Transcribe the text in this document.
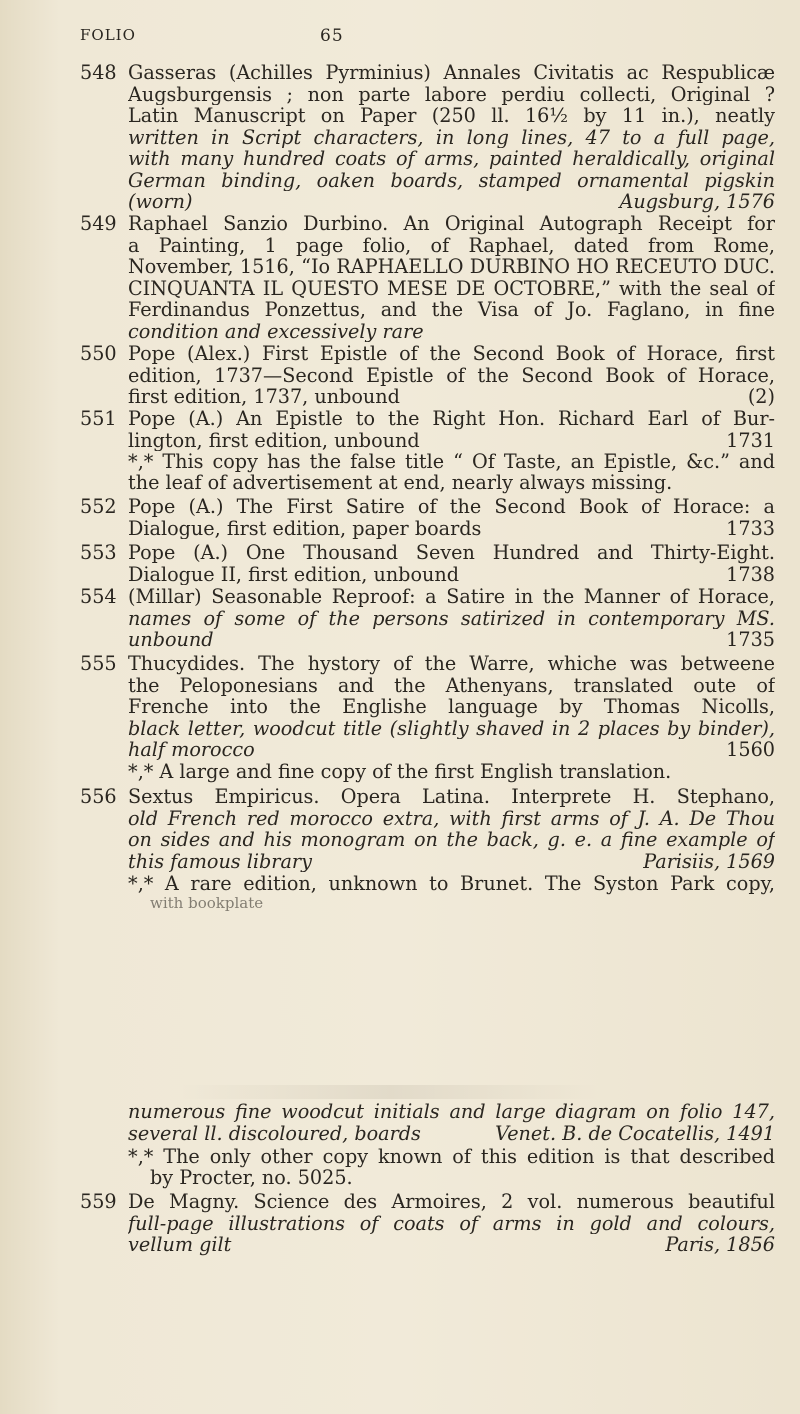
FOLIO	65
548 Gasseras (Achilles Pyrminius) Annales Civitatis ac Respublicæ
Augsburgensis ; non parte labore perdiu collecti, Original ?
Latin Manuscript on Paper (250 ll. 16½ by 11 in.), neatly
written in Script characters, in long lines, 47 to a full page,
with many hundred coats of arms, painted heraldically, original
German binding, oaken boards, stamped ornamental pigskin
(worn)	Augsburg, 1576
549 Raphael Sanzio Durbino. An Original Autograph Receipt for
a Painting, 1 page folio, of Raphael, dated from Rome,
November, 1516, “Io RAPHAELLO DURBINO HO RECEUTO DUC.
CINQUANTA IL QUESTO MESE DE OCTOBRE,” with the seal of
Ferdinandus Ponzettus, and the Visa of Jo. Faglano, in fine
condition and excessively rare
550 Pope (Alex.) First Epistle of the Second Book of Horace, first
edition, 1737—Second Epistle of the Second Book of Horace,
first edition, 1737, unbound	(2)
551 Pope (A.) An Epistle to the Right Hon. Richard Earl of Bur-
lington, first edition, unbound	1731
*‚* This copy has the false title “ Of Taste, an Epistle, &c.” and
the leaf of advertisement at end, nearly always missing.
552 Pope (A.) The First Satire of the Second Book of Horace: a
Dialogue, first edition, paper boards	1733
553 Pope (A.) One Thousand Seven Hundred and Thirty-Eight.
Dialogue II, first edition, unbound	1738
554 (Millar) Seasonable Reproof: a Satire in the Manner of Horace,
names of some of the persons satirized in contemporary MS.
unbound	1735
555 Thucydides. The hystory of the Warre, whiche was betweene
the Peloponesians and the Athenyans, translated oute of
Frenche into the Englishe language by Thomas Nicolls,
black letter, woodcut title (slightly shaved in 2 places by binder),
half morocco	1560
*‚* A large and fine copy of the first English translation.
556 Sextus Empiricus. Opera Latina. Interprete H. Stephano,
old French red morocco extra, with first arms of J. A. De Thou
on sides and his monogram on the back, g. e. a fine example of
this famous library	Parisiis, 1569
*‚* A rare edition, unknown to Brunet. The Syston Park copy,
with bookplate
numerous fine woodcut initials and large diagram on folio 147,
several ll. discoloured, boards	Venet. B. de Cocatellis, 1491
*‚* The only other copy known of this edition is that described
by Procter, no. 5025.
559 De Magny. Science des Armoires, 2 vol. numerous beautiful
full-page illustrations of coats of arms in gold and colours,
vellum gilt	Paris, 1856
